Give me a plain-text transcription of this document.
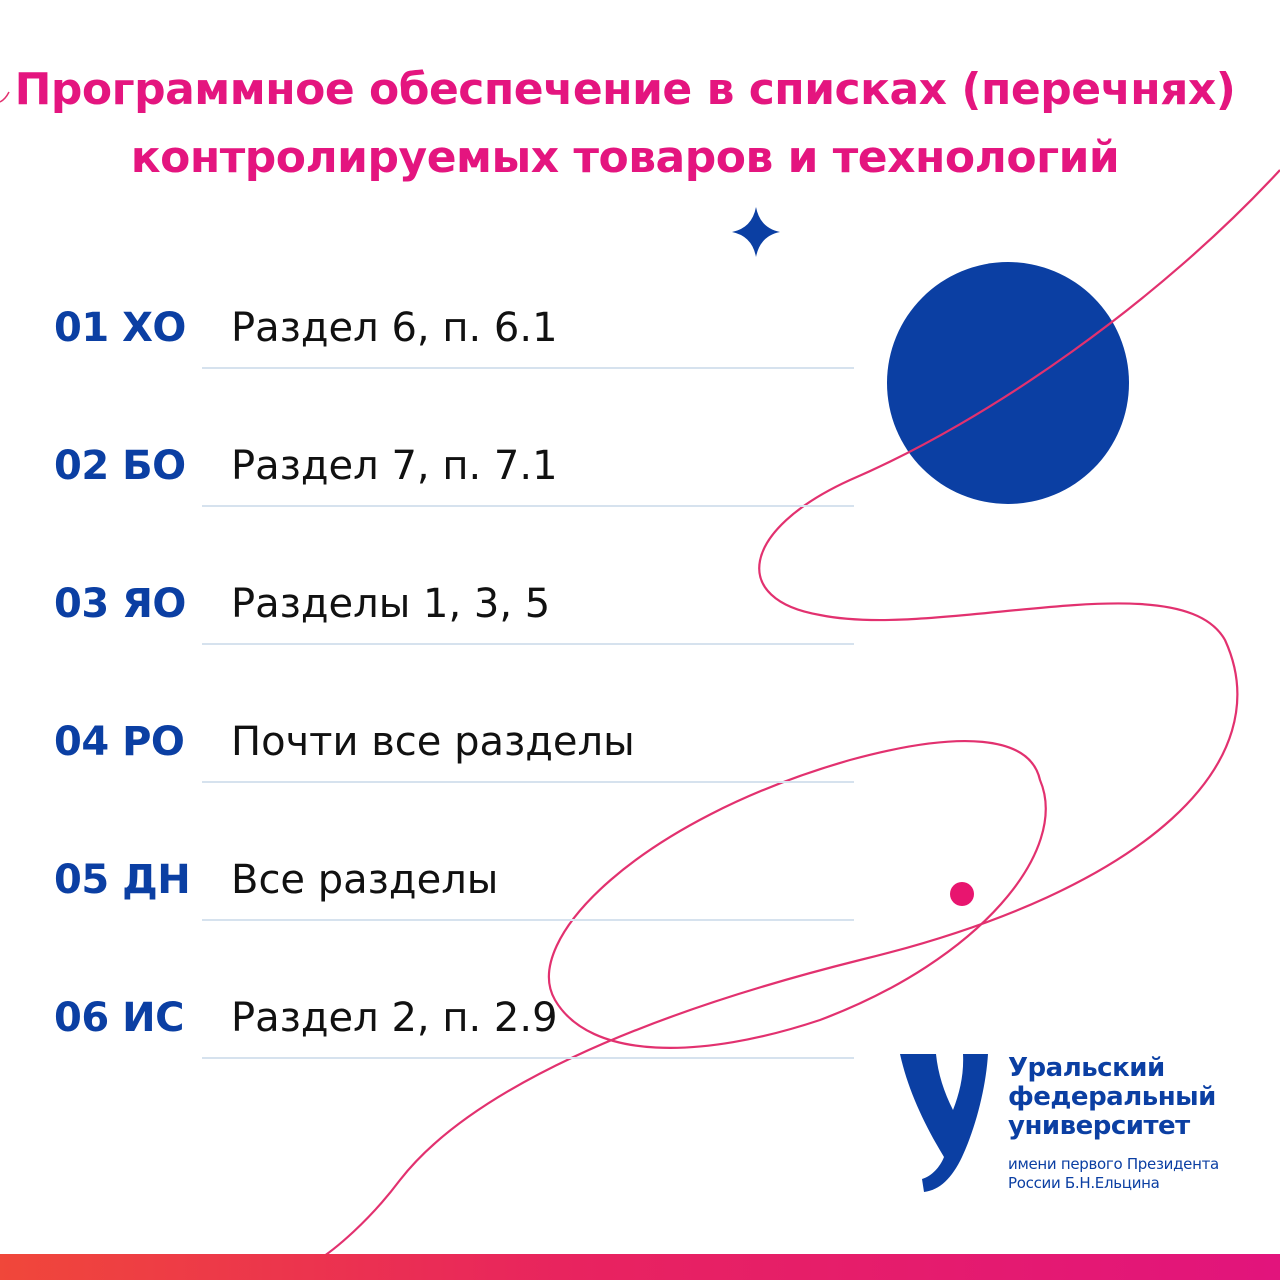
Программное обеспечение в списках (перечнях)
контролируемых товаров и технологий
01 ХО Раздел 6, п. 6.1
02 БО Раздел 7, п. 7.1
03 ЯО Разделы 1, 3, 5
04 РО Почти все разделы
05 ДН Все разделы
06 ИС Раздел 2, п. 2.9
Уральский
федеральный
университет
имени первого Президента
России Б.Н.Ельцина
